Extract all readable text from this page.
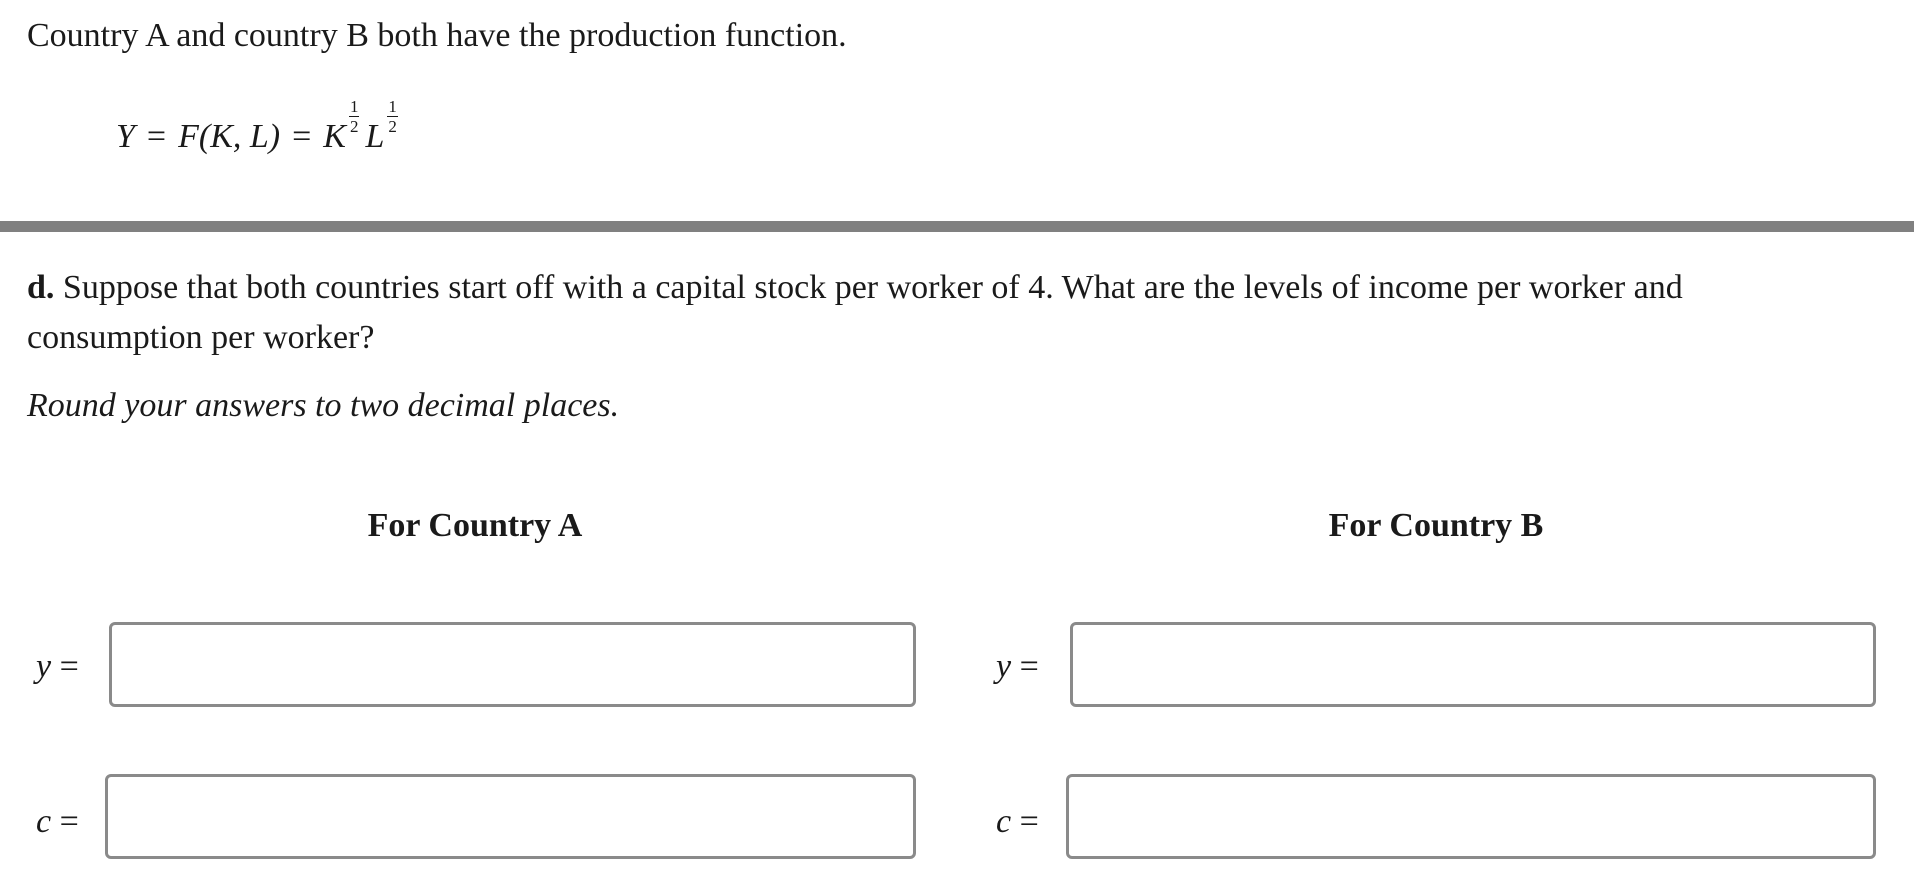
Country A and country B both have the production function.
Y = F(K, L) = K
$\frac{1}{2}$
L
$\frac{1}{2}$
d. Suppose that both countries start off with a capital stock per worker of 4. What are the levels of income per worker and consumption per worker?
Round your answers to two decimal places.
For Country A	For Country B
y =
c =
y =
c =
